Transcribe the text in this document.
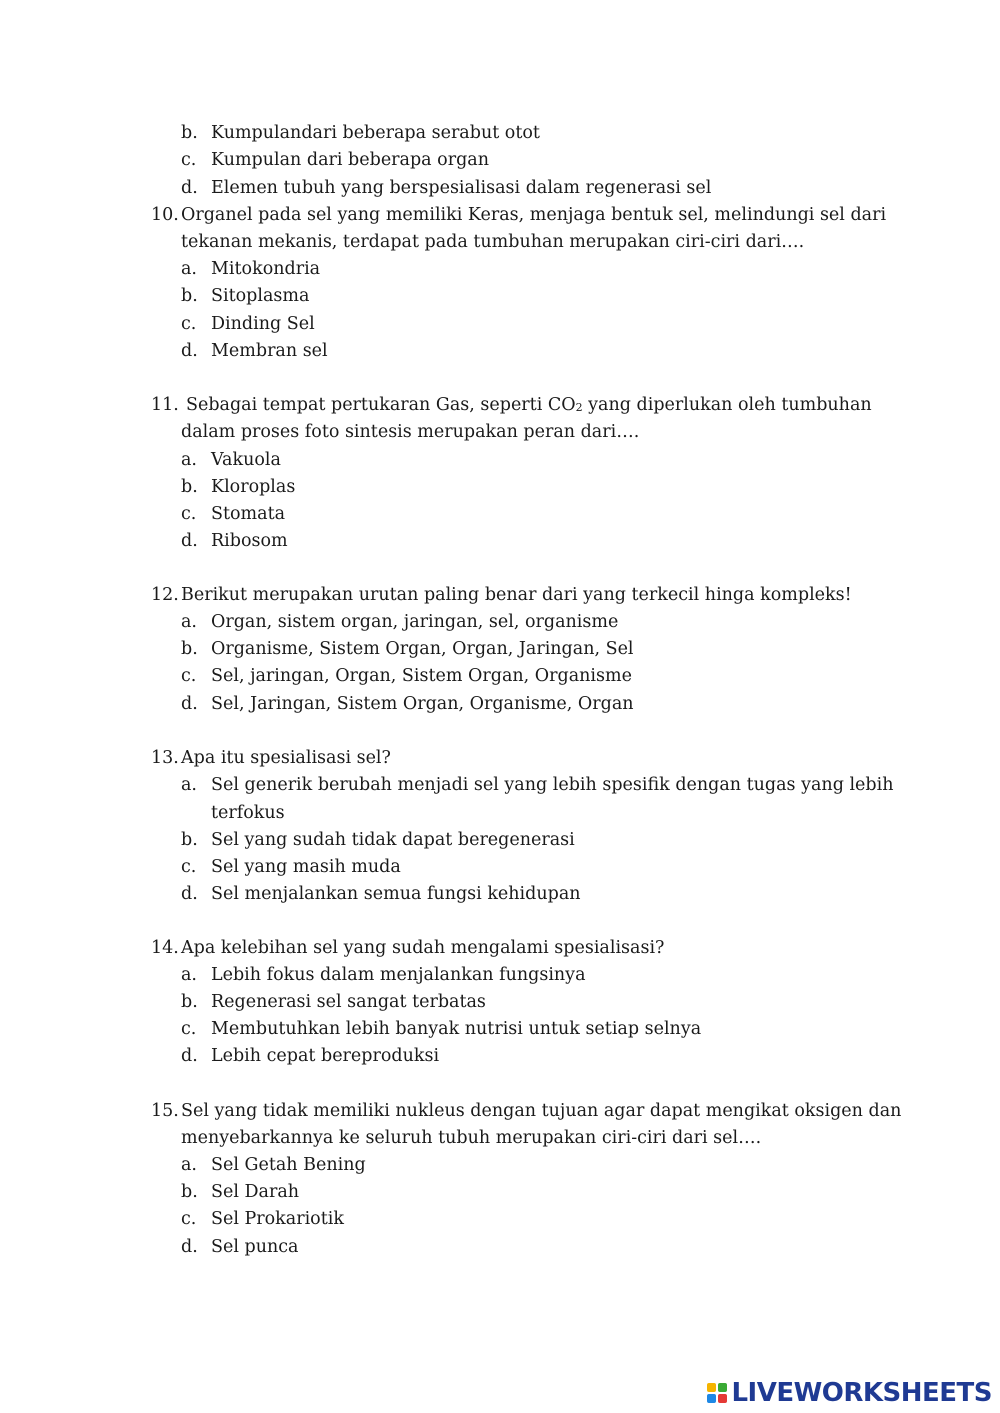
b. Kumpulandari beberapa serabut otot
c. Kumpulan dari beberapa organ
d. Elemen tubuh yang berspesialisasi dalam regenerasi sel
10. Organel pada sel yang memiliki Keras, menjaga bentuk sel, melindungi sel dari
tekanan mekanis, terdapat pada tumbuhan merupakan ciri-ciri dari….
a. Mitokondria
b. Sitoplasma
c. Dinding Sel
d. Membran sel
11. Sebagai tempat pertukaran Gas, seperti $CO_2$ yang diperlukan oleh tumbuhan
dalam proses foto sintesis merupakan peran dari….
a. Vakuola
b. Kloroplas
c. Stomata
d. Ribosom
12. Berikut merupakan urutan paling benar dari yang terkecil hinga kompleks!
a. Organ, sistem organ, jaringan, sel, organisme
b. Organisme, Sistem Organ, Organ, Jaringan, Sel
c. Sel, jaringan, Organ, Sistem Organ, Organisme
d. Sel, Jaringan, Sistem Organ, Organisme, Organ
13. Apa itu spesialisasi sel?
a. Sel generik berubah menjadi sel yang lebih spesifik dengan tugas yang lebih
terfokus
b. Sel yang sudah tidak dapat beregenerasi
c. Sel yang masih muda
d. Sel menjalankan semua fungsi kehidupan
14. Apa kelebihan sel yang sudah mengalami spesialisasi?
a. Lebih fokus dalam menjalankan fungsinya
b. Regenerasi sel sangat terbatas
c. Membutuhkan lebih banyak nutrisi untuk setiap selnya
d. Lebih cepat bereproduksi
15. Sel yang tidak memiliki nukleus dengan tujuan agar dapat mengikat oksigen dan
menyebarkannya ke seluruh tubuh merupakan ciri-ciri dari sel….
a. Sel Getah Bening
b. Sel Darah
c. Sel Prokariotik
d. Sel punca
LIVEWORKSHEETS
